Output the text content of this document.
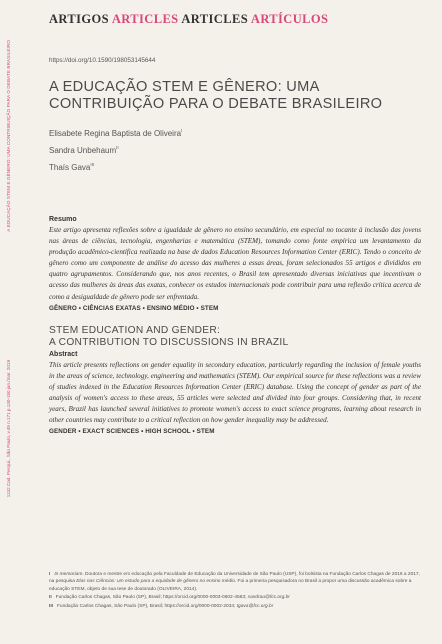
A EDUCAÇÃO STEM E GÊNERO: UMA CONTRIBUIÇÃO PARA O DEBATE BRASILEIRO
1132 Cad. Pesqui., São Paulo, v.49 n.171 p.130-150 jan./mar. 2019
ARTIGOS ARTICLES ARTICLES ARTÍCULOS
https://doi.org/10.1590/198053145644
A EDUCAÇÃO STEM E GÊNERO: UMA CONTRIBUIÇÃO PARA O DEBATE BRASILEIRO
Elisabete Regina Baptista de Oliveira$^I$
Sandra Unbehaum$^{II}$
Thaís Gava$^{III}$
Resumo
Este artigo apresenta reflexões sobre a igualdade de gênero no ensino secundário, em especial no tocante à inclusão das jovens nas áreas de ciências, tecnologia, engenharias e matemática (STEM), tomando como fonte empírica um levantamento da produção acadêmico-científica realizada na base de dados Education Resources Information Center (ERIC). Tendo o conceito de gênero como um componente de análise do acesso das mulheres a essas áreas, foram selecionados 55 artigos e divididos em quatro agrupamentos. Considerando que, nos anos recentes, o Brasil tem apresentado diversas iniciativas que incentivam o acesso das mulheres às áreas das exatas, conhecer os estudos internacionais pode contribuir para uma reflexão crítica acerca de como a desigualdade de gênero pode ser enfrentada.
GÊNERO • CIÊNCIAS EXATAS • ENSINO MÉDIO • STEM
STEM EDUCATION AND GENDER:
A CONTRIBUTION TO DISCUSSIONS IN BRAZIL
Abstract
This article presents reflections on gender equality in secondary education, particularly regarding the inclusion of female youths in the areas of science, technology, engineering and mathematics (STEM). Our empirical source for these reflections was a review of studies indexed in the Education Resources Information Center (ERIC) database. Using the concept of gender as part of the analysis of women's access to these areas, 55 articles were selected and divided into four groups. Considering that, in recent years, Brazil has launched several initiatives to promote women's access to exact science programs, learning about research in other countries may contribute to a critical reflection on how gender inequality may be addressed.
GENDER • EXACT SCIENCES • HIGH SCHOOL • STEM
I In memoriam. Doutora e mestre em educação pela Faculdade de Educação da Universidade de São Paulo (USP), foi bolsista na Fundação Carlos Chagas de 2016 a 2017, na pesquisa Elas nas Ciências: um estudo para a equidade de gênero no ensino médio. Foi a primeira pesquisadora no Brasil a propor uma discussão acadêmica sobre a educação STEM, objeto de sua tese de doutorado (OLIVEIRA, 2014).
II Fundação Carlos Chagas, São Paulo (SP), Brasil; https://orcid.org/0000-0003-0602-4583; sandrau@fcc.org.br
III Fundação Carlos Chagas, São Paulo (SP), Brasil; https://orcid.org/0000-0002-2034; tgava@fcc.org.br
